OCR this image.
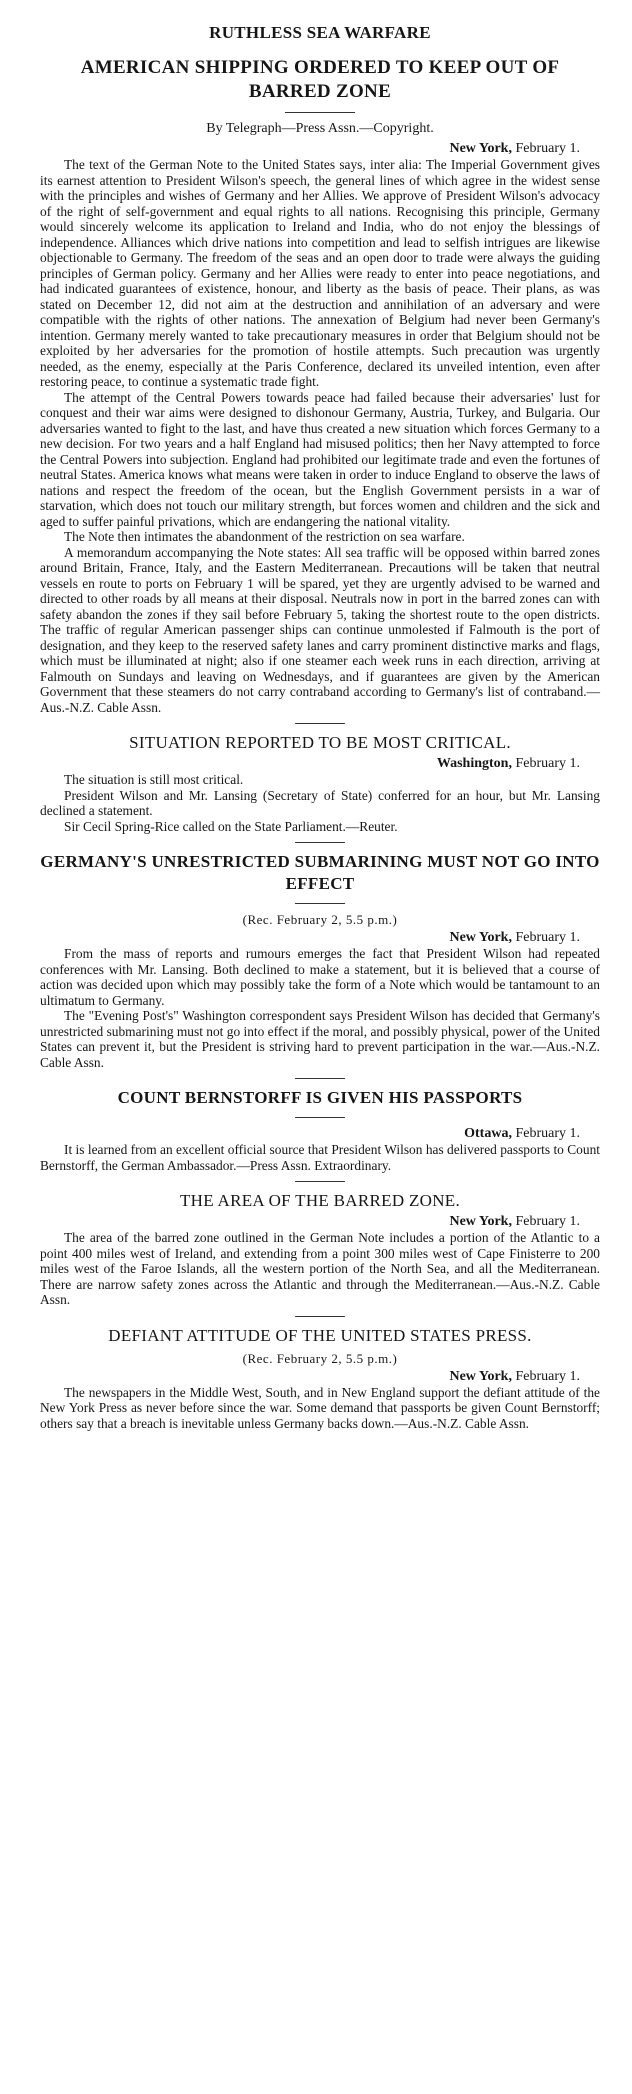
RUTHLESS SEA WARFARE
AMERICAN SHIPPING ORDERED TO KEEP OUT OF BARRED ZONE
By Telegraph—Press Assn.—Copyright.
New York, February 1.

The text of the German Note to the United States says, inter alia: The Imperial Government gives its earnest attention to President Wilson's speech, the general lines of which agree in the widest sense with the principles and wishes of Germany and her Allies. We approve of President Wilson's advocacy of the right of self-government and equal rights to all nations. Recognising this principle, Germany would sincerely welcome its application to Ireland and India, who do not enjoy the blessings of independence. Alliances which drive nations into competition and lead to selfish intrigues are likewise objectionable to Germany. The freedom of the seas and an open door to trade were always the guiding principles of German policy. Germany and her Allies were ready to enter into peace negotiations, and had indicated guarantees of existence, honour, and liberty as the basis of peace. Their plans, as was stated on December 12, did not aim at the destruction and annihilation of an adversary and were compatible with the rights of other nations. The annexation of Belgium had never been Germany's intention. Germany merely wanted to take precautionary measures in order that Belgium should not be exploited by her adversaries for the promotion of hostile attempts. Such precaution was urgently needed, as the enemy, especially at the Paris Conference, declared its unveiled intention, even after restoring peace, to continue a systematic trade fight.

The attempt of the Central Powers towards peace had failed because their adversaries' lust for conquest and their war aims were designed to dishonour Germany, Austria, Turkey, and Bulgaria. Our adversaries wanted to fight to the last, and have thus created a new situation which forces Germany to a new decision. For two years and a half England had misused politics; then her Navy attempted to force the Central Powers into subjection. England had prohibited our legitimate trade and even the fortunes of neutral States. America knows what means were taken in order to induce England to observe the laws of nations and respect the freedom of the ocean, but the English Government persists in a war of starvation, which does not touch our military strength, but forces women and children and the sick and aged to suffer painful privations, which are endangering the national vitality.

The Note then intimates the abandonment of the restriction on sea warfare.

A memorandum accompanying the Note states: All sea traffic will be opposed within barred zones around Britain, France, Italy, and the Eastern Mediterranean. Precautions will be taken that neutral vessels en route to ports on February 1 will be spared, yet they are urgently advised to be warned and directed to other roads by all means at their disposal. Neutrals now in port in the barred zones can with safety abandon the zones if they sail before February 5, taking the shortest route to the open districts. The traffic of regular American passenger ships can continue unmolested if Falmouth is the port of designation, and they keep to the reserved safety lanes and carry prominent distinctive marks and flags, which must be illuminated at night; also if one steamer each week runs in each direction, arriving at Falmouth on Sundays and leaving on Wednesdays, and if guarantees are given by the American Government that these steamers do not carry contraband according to Germany's list of contraband.—Aus.-N.Z. Cable Assn.

SITUATION REPORTED TO BE MOST CRITICAL.
Washington, February 1.

The situation is still most critical.

President Wilson and Mr. Lansing (Secretary of State) conferred for an hour, but Mr. Lansing declined a statement.

Sir Cecil Spring-Rice called on the State Parliament.—Reuter.

GERMANY'S UNRESTRICTED SUBMARINING MUST NOT GO INTO EFFECT
(Rec. February 2, 5.5 p.m.)
New York, February 1.

From the mass of reports and rumours emerges the fact that President Wilson had repeated conferences with Mr. Lansing. Both declined to make a statement, but it is believed that a course of action was decided upon which may possibly take the form of a Note which would be tantamount to an ultimatum to Germany.

The "Evening Post's" Washington correspondent says President Wilson has decided that Germany's unrestricted submarining must not go into effect if the moral, and possibly physical, power of the United States can prevent it, but the President is striving hard to prevent participation in the war.—Aus.-N.Z. Cable Assn.

COUNT BERNSTORFF IS GIVEN HIS PASSPORTS
Ottawa, February 1.

It is learned from an excellent official source that President Wilson has delivered passports to Count Bernstorff, the German Ambassador.—Press Assn. Extraordinary.

THE AREA OF THE BARRED ZONE.
New York, February 1.

The area of the barred zone outlined in the German Note includes a portion of the Atlantic to a point 400 miles west of Ireland, and extending from a point 300 miles west of Cape Finisterre to 200 miles west of the Faroe Islands, all the western portion of the North Sea, and all the Mediterranean. There are narrow safety zones across the Atlantic and through the Mediterranean.—Aus.-N.Z. Cable Assn.

DEFIANT ATTITUDE OF THE UNITED STATES PRESS.
(Rec. February 2, 5.5 p.m.)
New York, February 1.

The newspapers in the Middle West, South, and in New England support the defiant attitude of the New York Press as never before since the war. Some demand that passports be given Count Bernstorff; others say that a breach is inevitable unless Germany backs down.—Aus.-N.Z. Cable Assn.
